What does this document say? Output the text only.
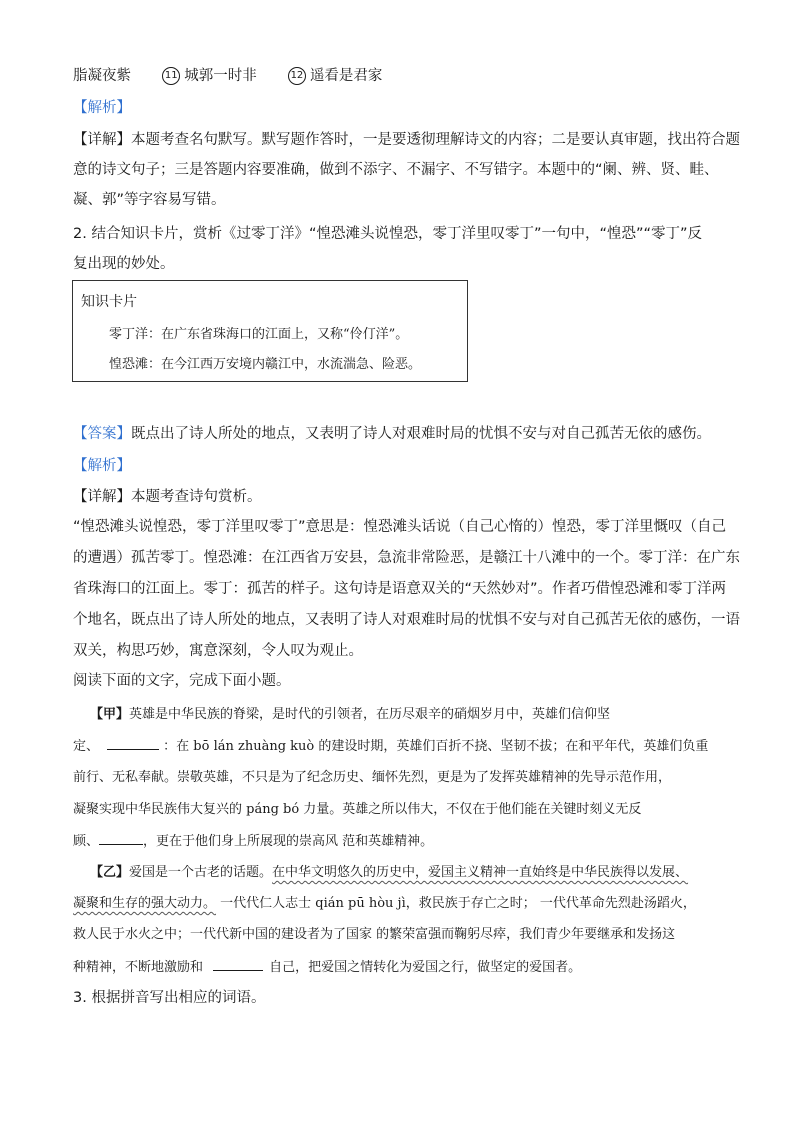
脂凝夜紫	11 城郭一时非	12 遥看是君家
【解析】
【详解】本题考查名句默写。默写题作答时，一是要透彻理解诗文的内容；二是要认真审题，找出符合题
意的诗文句子；三是答题内容要准确，做到不添字、不漏字、不写错字。本题中的“阑、辨、贤、畦、
凝、郭”等字容易写错。
2. 结合知识卡片，赏析《过零丁洋》“惶恐滩头说惶恐，零丁洋里叹零丁”一句中，“惶恐”“零丁”反
复出现的妙处。
知识卡片
零丁洋：在广东省珠海口的江面上，又称“伶仃洋”。
惶恐滩：在今江西万安境内赣江中，水流湍急、险恶。
【答案】既点出了诗人所处的地点，又表明了诗人对艰难时局的忧惧不安与对自己孤苦无依的感伤。
【解析】
【详解】本题考查诗句赏析。
“惶恐滩头说惶恐，零丁洋里叹零丁”意思是：惶恐滩头话说（自己心惰的）惶恐，零丁洋里慨叹（自己
的遭遇）孤苦零丁。惶恐滩：在江西省万安县，急流非常险恶，是赣江十八滩中的一个。零丁洋：在广东
省珠海口的江面上。零丁：孤苦的样子。这句诗是语意双关的“天然妙对”。作者巧借惶恐滩和零丁洋两
个地名，既点出了诗人所处的地点，又表明了诗人对艰难时局的忧惧不安与对自己孤苦无依的感伤，一语
双关，构思巧妙，寓意深刻，令人叹为观止。
阅读下面的文字，完成下面小题。
【甲】英雄是中华民族的脊梁，是时代的引领者，在历尽艰辛的硝烟岁月中，英雄们信仰坚
定、	：在 bō lán zhuàng kuò 的建设时期，英雄们百折不挠、坚韧不拔；在和平年代，英雄们负重
前行、无私奉献。崇敬英雄，不只是为了纪念历史、缅怀先烈，更是为了发挥英雄精神的先导示范作用，
凝聚实现中华民族伟大复兴的 páng bó 力量。英雄之所以伟大，不仅在于他们能在关键时刻义无反
顾、	，更在于他们身上所展现的崇高风 范和英雄精神。
【乙】爱国是一个古老的话题。在中华文明悠久的历史中，爱国主义精神一直始终是中华民族得以发展、
凝聚和生存的强大动力。 一代代仁人志士 qián pū hòu jì，救民族于存亡之时； 一代代革命先烈赴汤蹈火，
救人民于水火之中；一代代新中国的建设者为了国家 的繁荣富强而鞠躬尽瘁，我们青少年要继承和发扬这
种精神，不断地激励和	自己，把爱国之情转化为爱国之行，做坚定的爱国者。
3. 根据拼音写出相应的词语。
